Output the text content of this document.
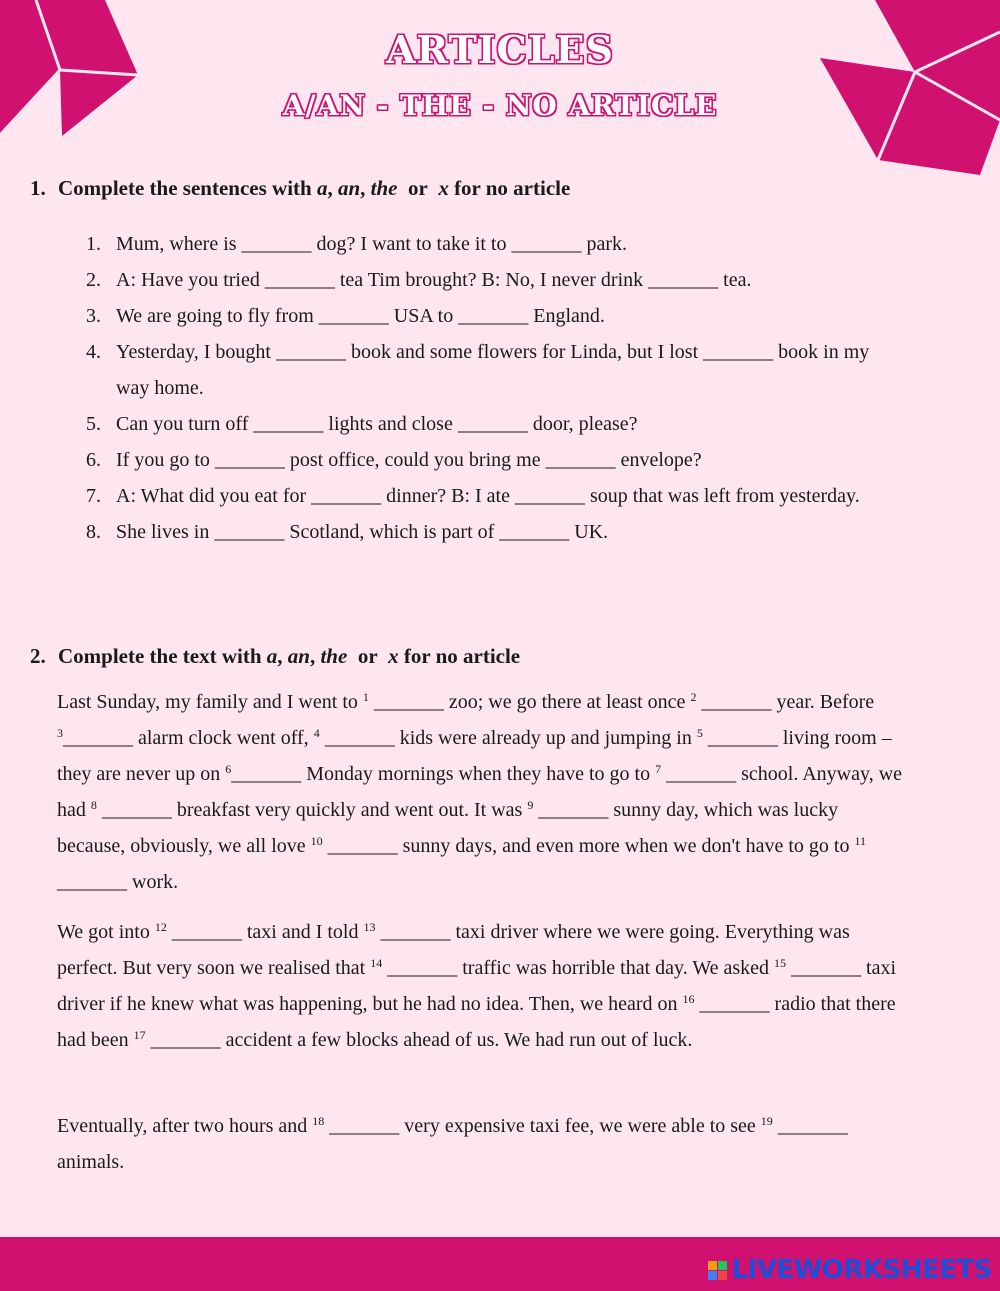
ARTICLES
A/AN - THE - NO ARTICLE
1. Complete the sentences with a, an, the or x for no article
1. Mum, where is _______ dog? I want to take it to _______ park.
2. A: Have you tried _______ tea Tim brought? B: No, I never drink _______ tea.
3. We are going to fly from _______ USA to _______ England.
4. Yesterday, I bought _______ book and some flowers for Linda, but I lost _______ book in my way home.
5. Can you turn off _______ lights and close _______ door, please?
6. If you go to _______ post office, could you bring me _______ envelope?
7. A: What did you eat for _______ dinner? B: I ate _______ soup that was left from yesterday.
8. She lives in _______ Scotland, which is part of _______ UK.
2. Complete the text with a, an, the or x for no article

Last Sunday, my family and I went to $^1$ _______ zoo; we go there at least once $^2$ _______ year. Before $^3$_______ alarm clock went off, $^4$ _______ kids were already up and jumping in $^5$ _______ living room –they are never up on $^6$_______ Monday mornings when they have to go to $^7$ _______ school. Anyway, we had $^8$ _______ breakfast very quickly and went out. It was $^9$ _______ sunny day, which was lucky because, obviously, we all love $^{10}$ _______ sunny days, and even more when we don't have to go to $^{11}$ _______ work.

We got into $^{12}$ _______ taxi and I told $^{13}$ _______ taxi driver where we were going. Everything was perfect. But very soon we realised that $^{14}$ _______ traffic was horrible that day. We asked $^{15}$ _______ taxi driver if he knew what was happening, but he had no idea. Then, we heard on $^{16}$ _______ radio that there had been $^{17}$ _______ accident a few blocks ahead of us. We had run out of luck.

Eventually, after two hours and $^{18}$ _______ very expensive taxi fee, we were able to see $^{19}$ _______ animals.

LIVEWORKSHEETS
